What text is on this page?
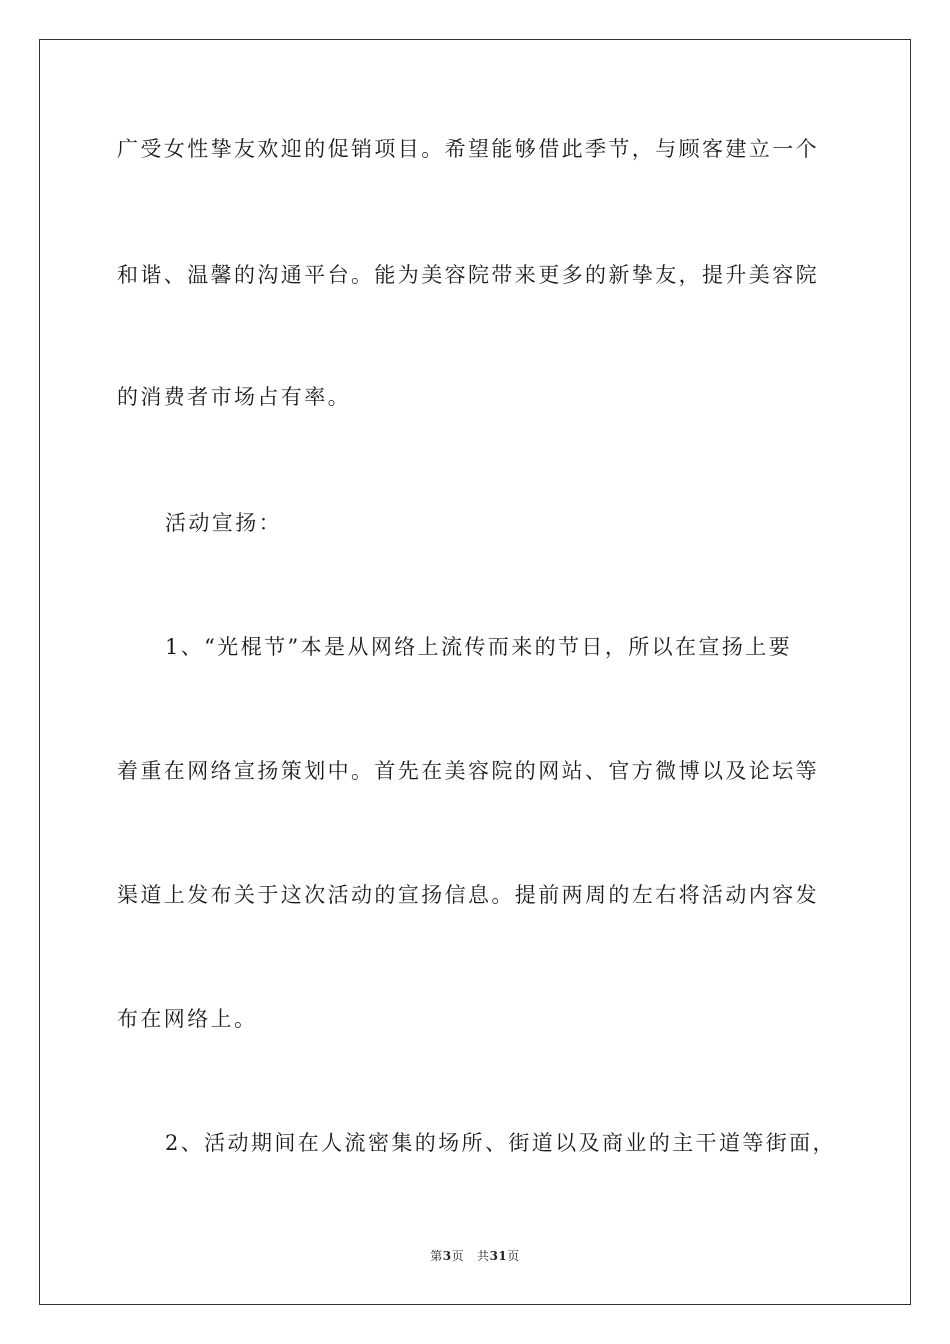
广受女性挚友欢迎的促销项目。希望能够借此季节，与顾客建立一个
和谐、温馨的沟通平台。能为美容院带来更多的新挚友，提升美容院
的消费者市场占有率。
活动宣扬：
1、“光棍节”本是从网络上流传而来的节日，所以在宣扬上要
着重在网络宣扬策划中。首先在美容院的网站、官方微博以及论坛等
渠道上发布关于这次活动的宣扬信息。提前两周的左右将活动内容发
布在网络上。
2、活动期间在人流密集的场所、街道以及商业的主干道等街面，
第3页 共31页
